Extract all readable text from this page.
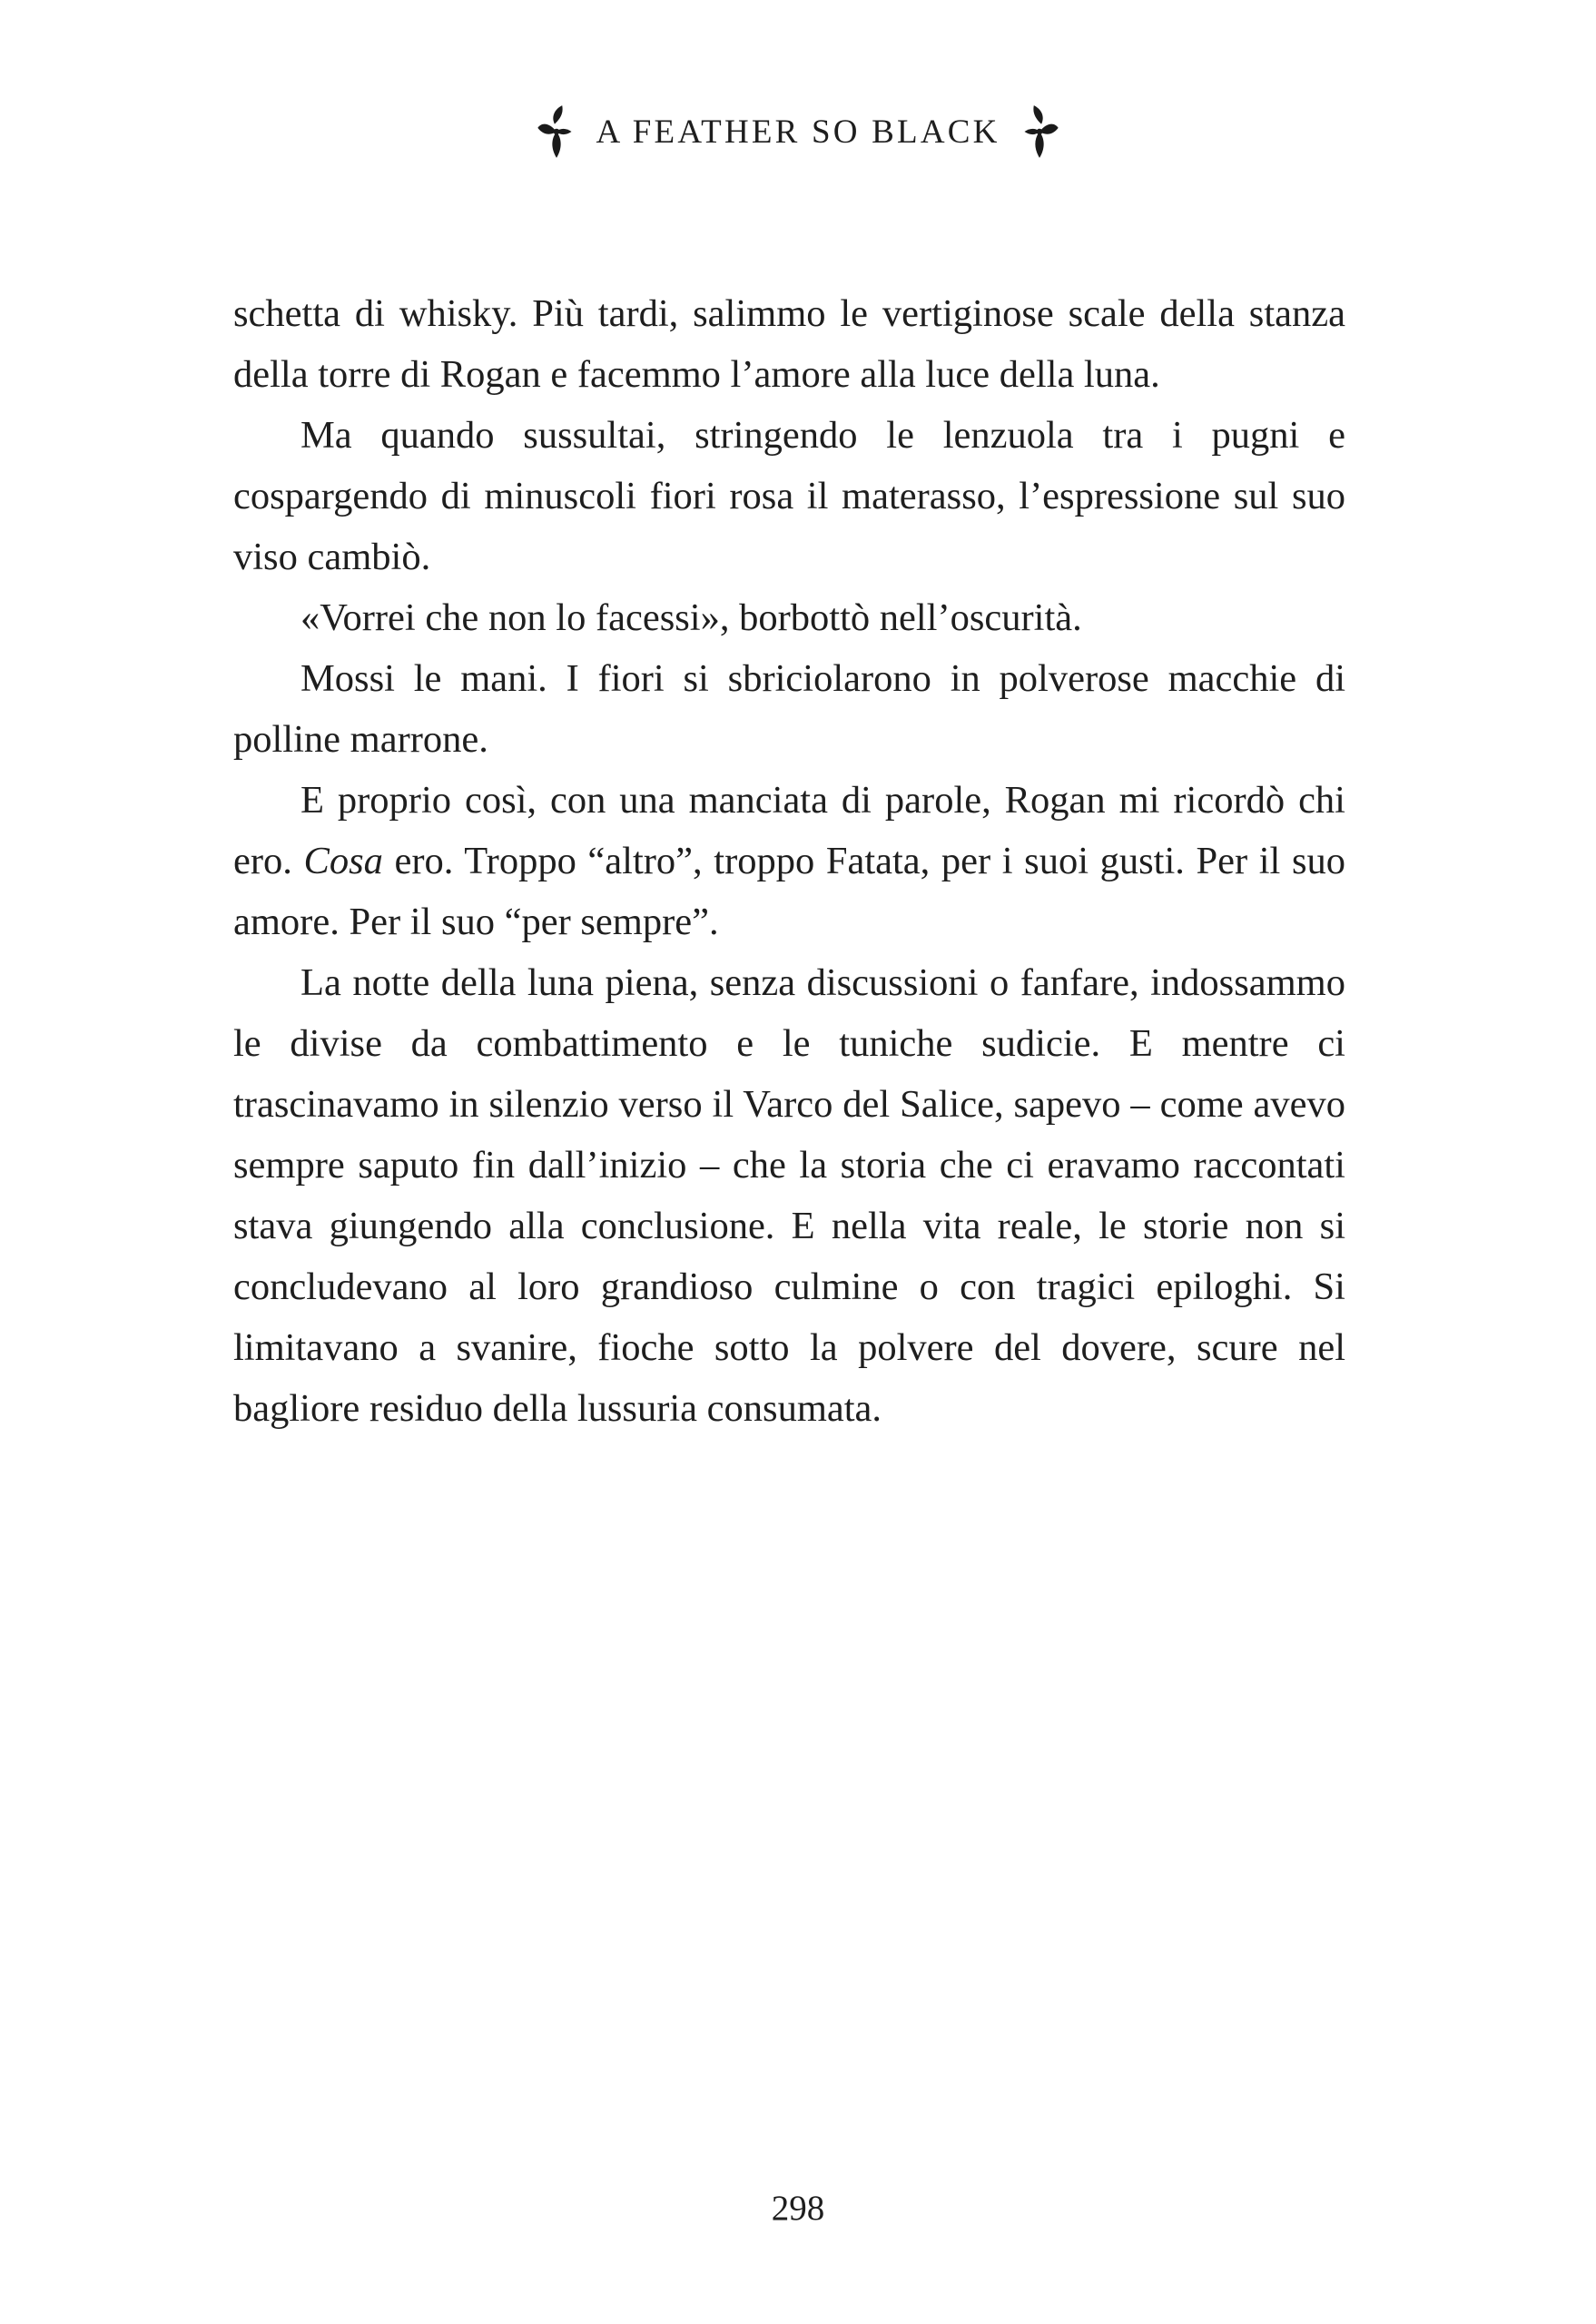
A FEATHER SO BLACK

schetta di whisky. Più tardi, salimmo le vertiginose scale della stanza della torre di Rogan e facemmo l’amore alla luce della luna.

Ma quando sussultai, stringendo le lenzuola tra i pugni e cospargendo di minuscoli fiori rosa il materasso, l’espressione sul suo viso cambiò.

«Vorrei che non lo facessi», borbottò nell’oscurità.

Mossi le mani. I fiori si sbriciolarono in polverose macchie di polline marrone.

E proprio così, con una manciata di parole, Rogan mi ricordò chi ero. Cosa ero. Troppo “altro”, troppo Fatata, per i suoi gusti. Per il suo amore. Per il suo “per sempre”.

La notte della luna piena, senza discussioni o fanfare, indossammo le divise da combattimento e le tuniche sudicie. E mentre ci trascinavamo in silenzio verso il Varco del Salice, sapevo – come avevo sempre saputo fin dall’inizio – che la storia che ci eravamo raccontati stava giungendo alla conclusione. E nella vita reale, le storie non si concludevano al loro grandioso culmine o con tragici epiloghi. Si limitavano a svanire, fioche sotto la polvere del dovere, scure nel bagliore residuo della lussuria consumata.

298
